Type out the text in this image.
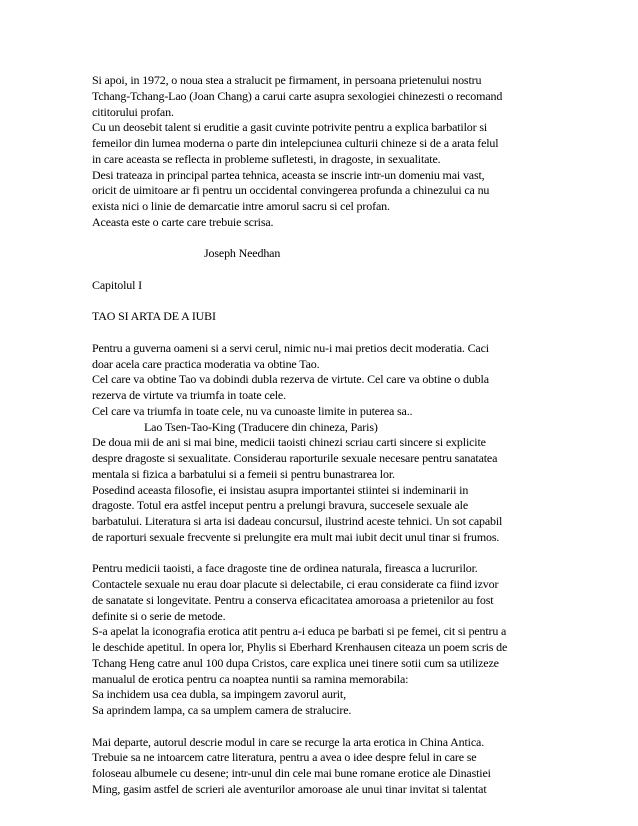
Si apoi, in 1972, o noua stea a stralucit pe firmament, in persoana prietenului nostru

Tchang-Tchang-Lao (Joan Chang) a carui carte asupra sexologiei chinezesti o recomand

cititorului profan.

Cu un deosebit talent si eruditie a gasit cuvinte potrivite pentru a explica barbatilor si

femeilor din lumea moderna o parte din intelepciunea culturii chineze si de a arata felul

in care aceasta se reflecta in probleme sufletesti, in dragoste, in sexualitate.

Desi trateaza in principal partea tehnica, aceasta se inscrie intr-un domeniu mai vast,

oricit de uimitoare ar fi pentru un occidental convingerea profunda a chinezului ca nu

exista nici o linie de demarcatie intre amorul sacru si cel profan.

Aceasta este o carte care trebuie scrisa.

Joseph Needhan

Capitolul I

TAO SI ARTA DE A IUBI

Pentru a guverna oameni si a servi cerul, nimic nu-i mai pretios decit moderatia. Caci

doar acela care practica moderatia va obtine Tao.

Cel care va obtine Tao va dobindi dubla rezerva de virtute. Cel care va obtine o dubla

rezerva de virtute va triumfa in toate cele.

Cel care va triumfa in toate cele, nu va cunoaste limite in puterea sa..

Lao Tsen-Tao-King (Traducere din chineza, Paris)

De doua mii de ani si mai bine, medicii taoisti chinezi scriau carti sincere si explicite

despre dragoste si sexualitate. Considerau raporturile sexuale necesare pentru sanatatea

mentala si fizica a barbatului si a femeii si pentru bunastrarea lor.

Posedind aceasta filosofie, ei insistau asupra importantei stiintei si indeminarii in

dragoste. Totul era astfel inceput pentru a prelungi bravura, succesele sexuale ale

barbatului. Literatura si arta isi dadeau concursul, ilustrind aceste tehnici. Un sot capabil

de raporturi sexuale frecvente si prelungite era mult mai iubit decit unul tinar si frumos.

Pentru medicii taoisti, a face dragoste tine de ordinea naturala, fireasca a lucrurilor.

Contactele sexuale nu erau doar placute si delectabile, ci erau considerate ca fiind izvor

de sanatate si longevitate. Pentru a conserva eficacitatea amoroasa a prietenilor au fost

definite si o serie de metode.

S-a apelat la iconografia erotica atit pentru a-i educa pe barbati si pe femei, cit si pentru a

le deschide apetitul. In opera lor, Phylis si Eberhard Krenhausen citeaza un poem scris de

Tchang Heng catre anul 100 dupa Cristos, care explica unei tinere sotii cum sa utilizeze

manualul de erotica pentru ca noaptea nuntii sa ramina memorabila:

Sa inchidem usa cea dubla, sa impingem zavorul aurit,

Sa aprindem lampa, ca sa umplem camera de stralucire.

Mai departe, autorul descrie modul in care se recurge la arta erotica in China Antica.

Trebuie sa ne intoarcem catre literatura, pentru a avea o idee despre felul in care se

foloseau albumele cu desene; intr-unul din cele mai bune romane erotice ale Dinastiei

Ming, gasim astfel de scrieri ale aventurilor amoroase ale unui tinar invitat si talentat
